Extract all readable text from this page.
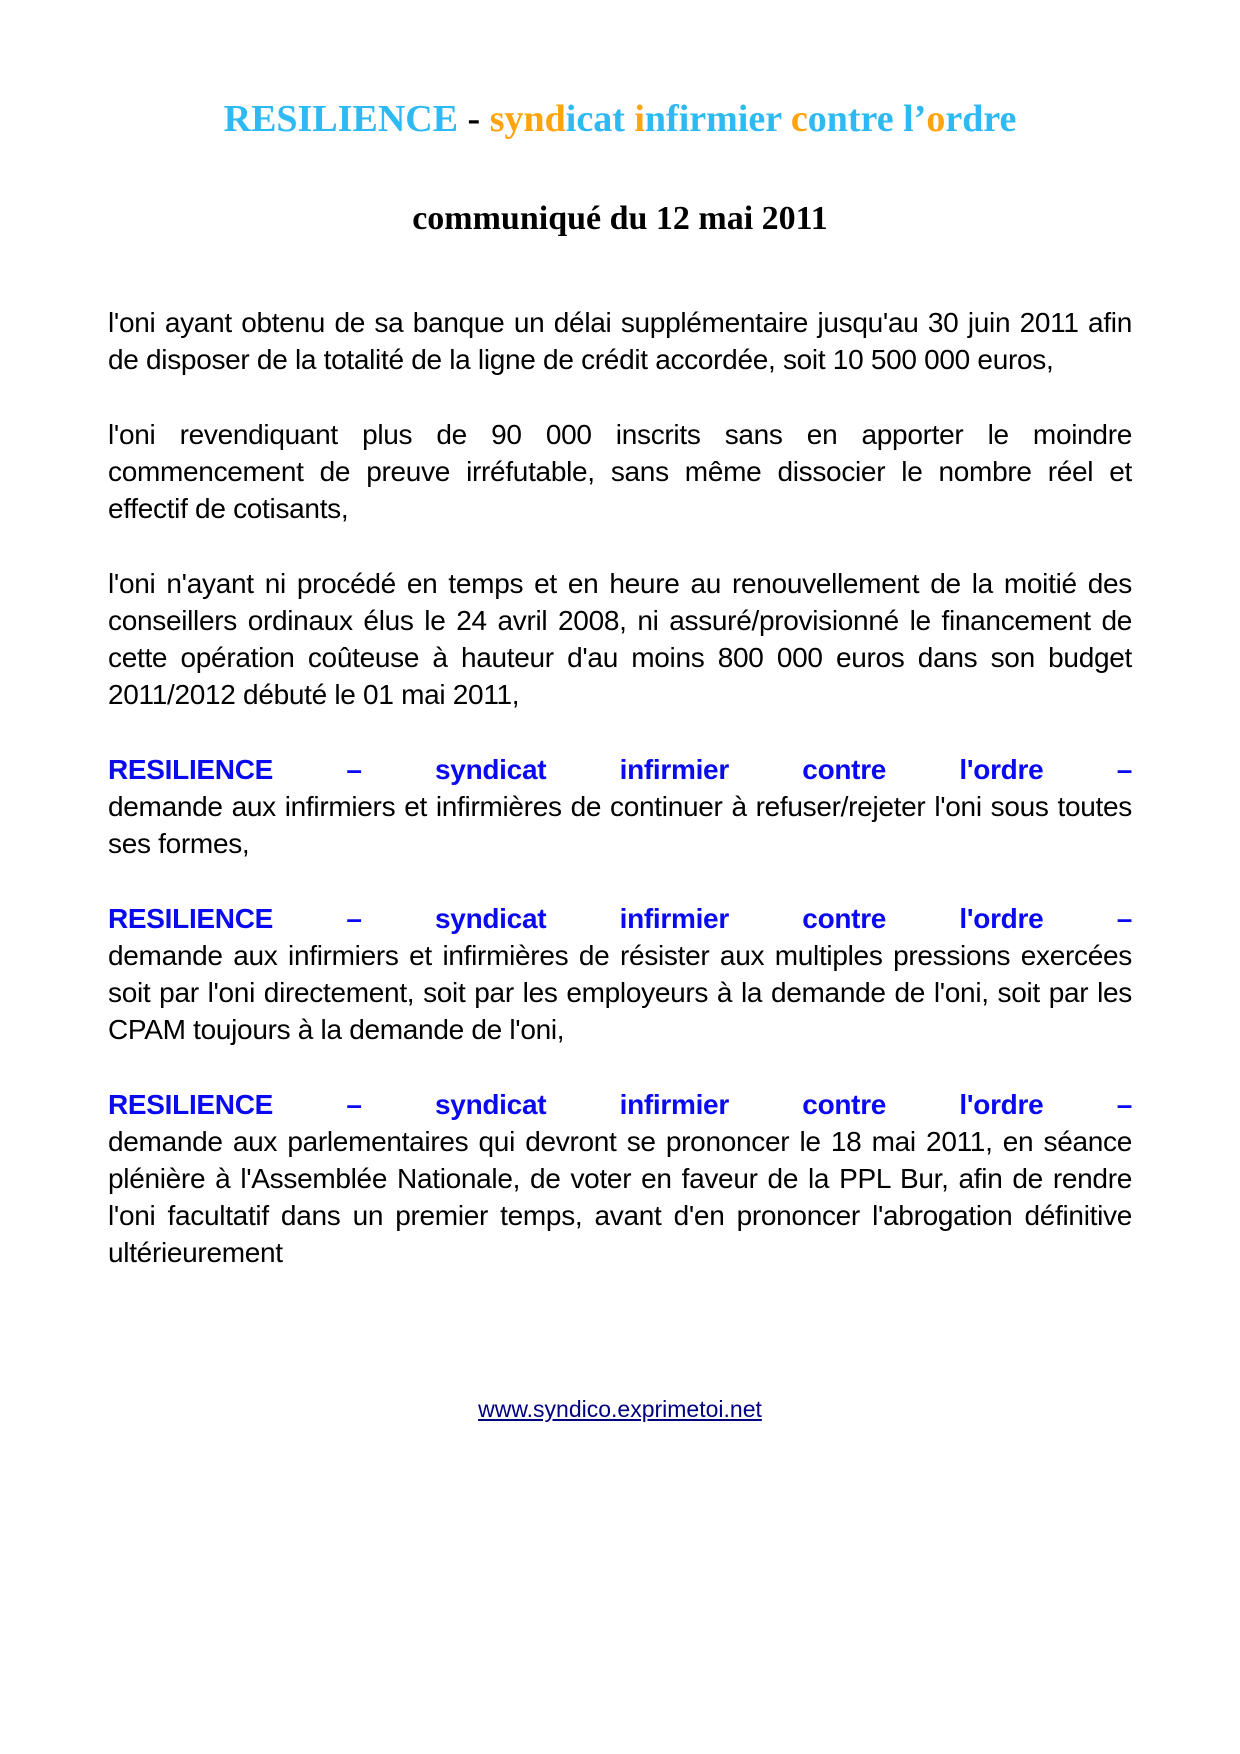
RESILIENCE - syndicat infirmier contre l’ordre
communiqué du 12 mai 2011

l'oni ayant obtenu de sa banque un délai supplémentaire jusqu'au 30 juin 2011 afin de disposer de la totalité de la ligne de crédit accordée, soit 10 500 000 euros,

l'oni revendiquant plus de 90 000 inscrits sans en apporter le moindre commencement de preuve irréfutable, sans même dissocier le nombre réel et effectif de cotisants,

l'oni n'ayant ni procédé en temps et en heure au renouvellement de la moitié des conseillers ordinaux élus le 24 avril 2008, ni assuré/provisionné le financement de cette opération coûteuse à hauteur d'au moins 800 000 euros dans son budget 2011/2012 débuté le 01 mai 2011,

RESILIENCE – syndicat infirmier contre l'ordre –
demande aux infirmiers et infirmières de continuer à refuser/rejeter l'oni sous toutes ses formes,
RESILIENCE – syndicat infirmier contre l'ordre –
demande aux infirmiers et infirmières de résister aux multiples pressions exercées soit par l'oni directement, soit par les employeurs à la demande de l'oni, soit par les CPAM toujours à la demande de l'oni,
RESILIENCE – syndicat infirmier contre l'ordre –
demande aux parlementaires qui devront se prononcer le 18 mai 2011, en séance plénière à l'Assemblée Nationale, de voter en faveur de la PPL Bur, afin de rendre l'oni facultatif dans un premier temps, avant d'en prononcer l'abrogation définitive ultérieurement
www.syndico.exprimetoi.net
